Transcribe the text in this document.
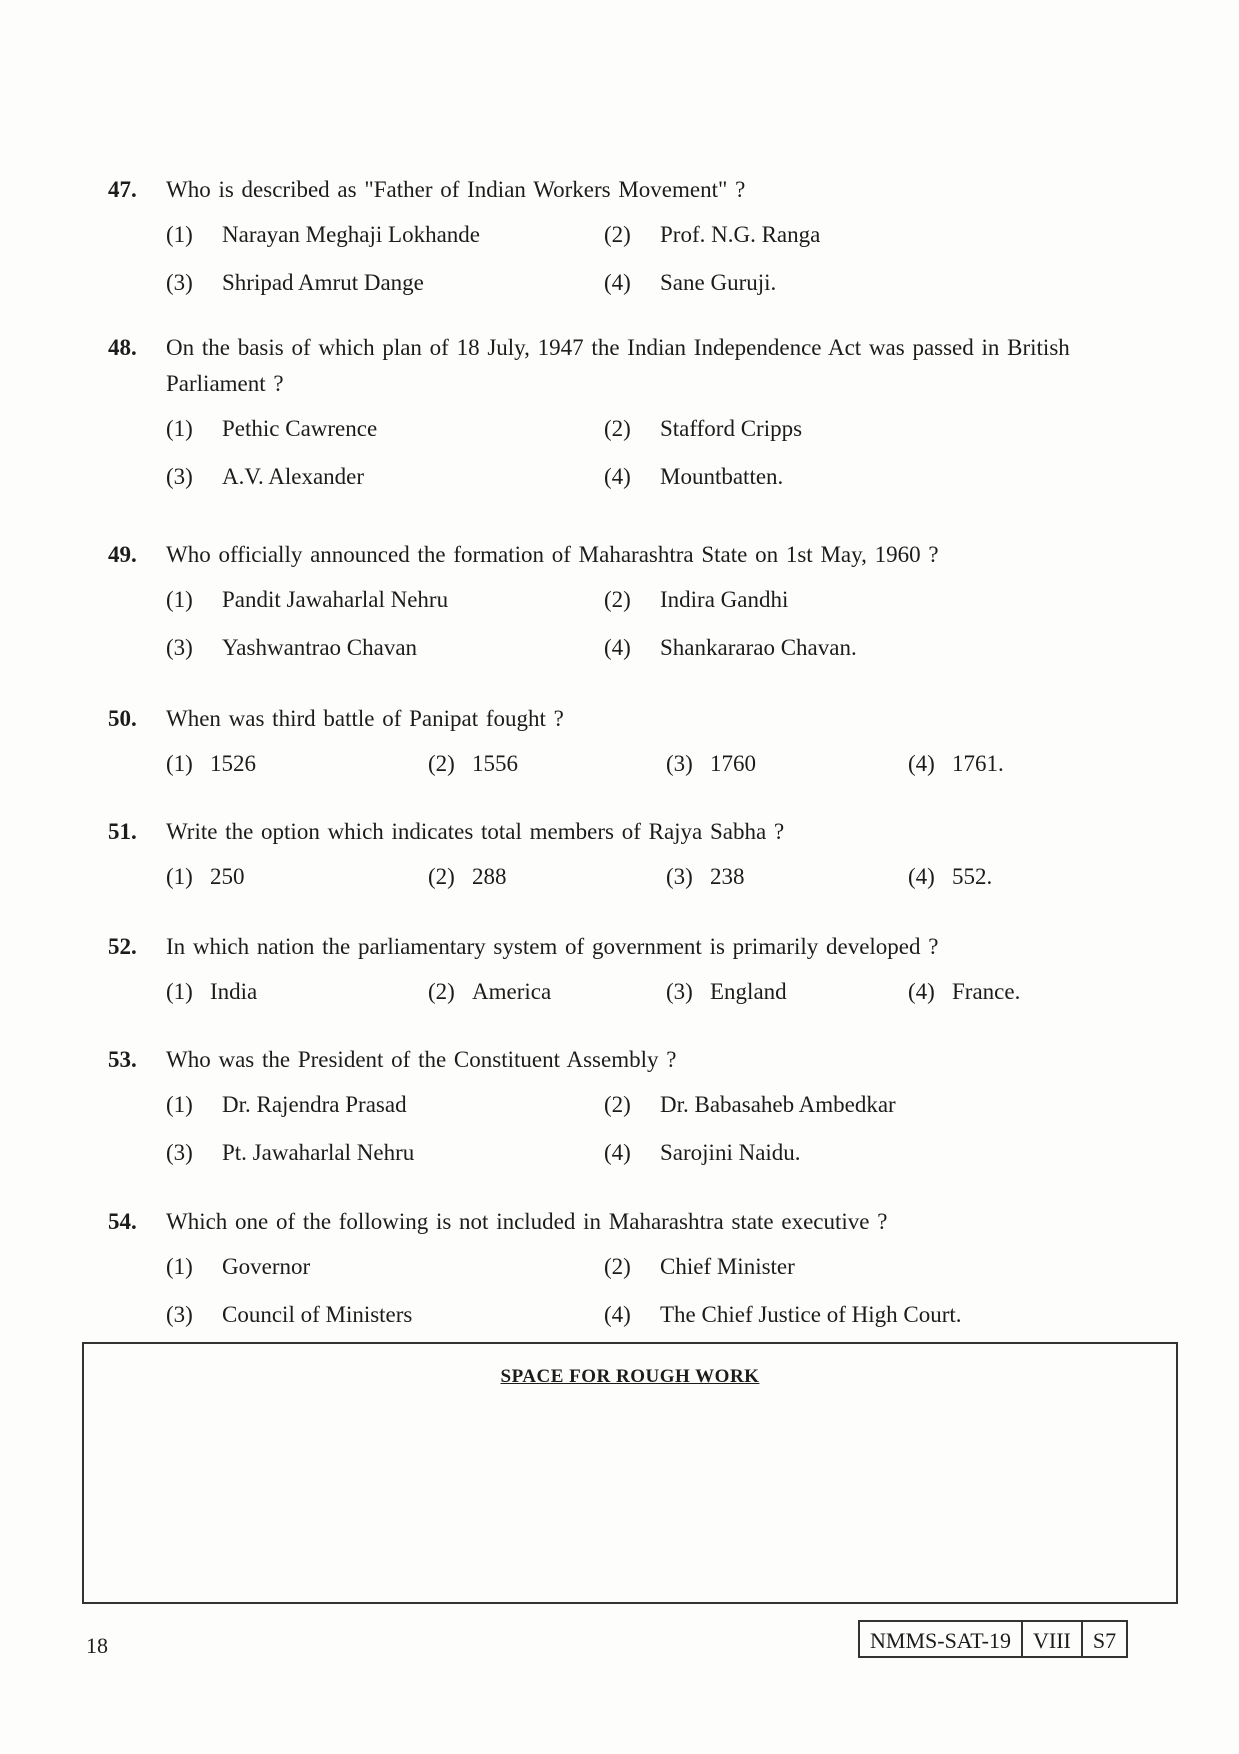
47.	Who is described as "Father of Indian Workers Movement" ?
(1)	Narayan Meghaji Lokhande	(2)	Prof. N.G. Ranga
(3)	Shripad Amrut Dange	(4)	Sane Guruji.
48.	On the basis of which plan of 18 July, 1947 the Indian Independence Act was passed in British Parliament ?
(1)	Pethic Cawrence	(2)	Stafford Cripps
(3)	A.V. Alexander	(4)	Mountbatten.
49.	Who officially announced the formation of Maharashtra State on 1st May, 1960 ?
(1)	Pandit Jawaharlal Nehru	(2)	Indira Gandhi
(3)	Yashwantrao Chavan	(4)	Shankararao Chavan.
50.	When was third battle of Panipat fought ?
(1) 1526	(2) 1556	(3) 1760	(4) 1761.
51.	Write the option which indicates total members of Rajya Sabha ?
(1) 250	(2) 288	(3) 238	(4) 552.
52.	In which nation the parliamentary system of government is primarily developed ?
(1) India	(2) America	(3) England	(4) France.
53.	Who was the President of the Constituent Assembly ?
(1)	Dr. Rajendra Prasad	(2)	Dr. Babasaheb Ambedkar
(3)	Pt. Jawaharlal Nehru	(4)	Sarojini Naidu.
54.	Which one of the following is not included in Maharashtra state executive ?
(1)	Governor	(2)	Chief Minister
(3)	Council of Ministers	(4)	The Chief Justice of High Court.
SPACE FOR ROUGH WORK
18	NMMS-SAT-19	VIII	S7
